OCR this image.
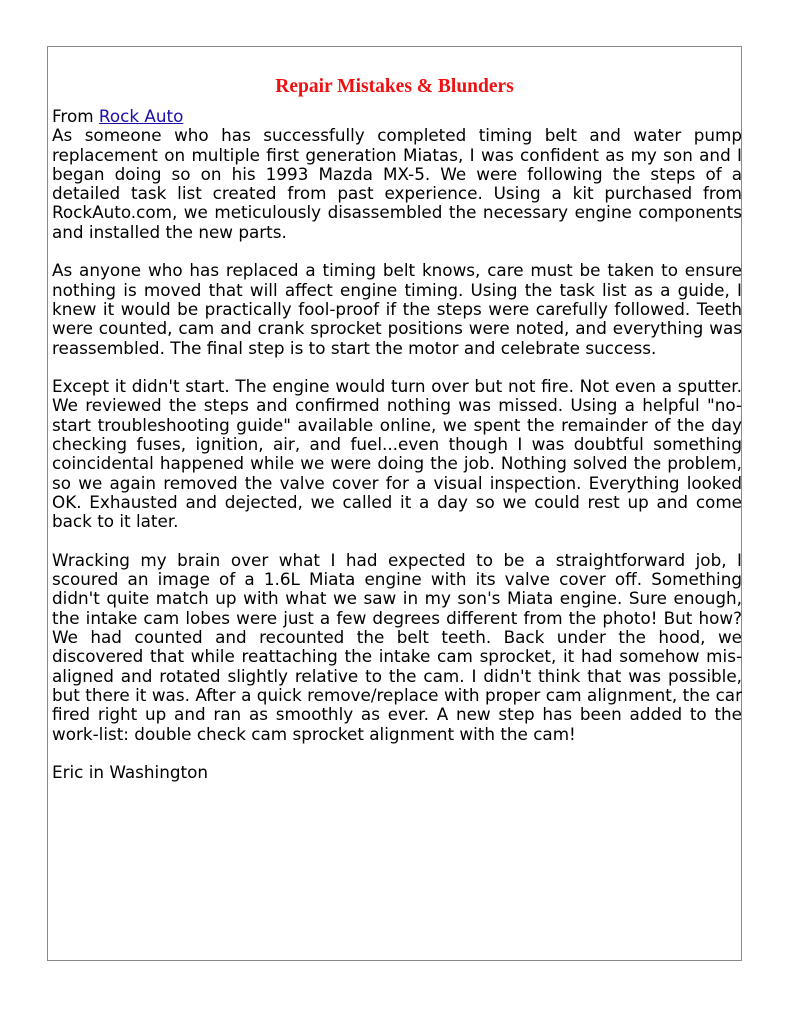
Repair Mistakes & Blunders

From Rock Auto

As someone who has successfully completed timing belt and water pump replacement on multiple first generation Miatas, I was confident as my son and I began doing so on his 1993 Mazda MX-5. We were following the steps of a detailed task list created from past experience. Using a kit purchased from RockAuto.com, we meticulously disassembled the necessary engine components and installed the new parts.

As anyone who has replaced a timing belt knows, care must be taken to ensure nothing is moved that will affect engine timing. Using the task list as a guide, I knew it would be practically fool-proof if the steps were carefully followed. Teeth were counted, cam and crank sprocket positions were noted, and everything was reassembled. The final step is to start the motor and celebrate success.

Except it didn't start. The engine would turn over but not fire. Not even a sputter. We reviewed the steps and confirmed nothing was missed. Using a helpful "no-start troubleshooting guide" available online, we spent the remainder of the day checking fuses, ignition, air, and fuel...even though I was doubtful something coincidental happened while we were doing the job. Nothing solved the problem, so we again removed the valve cover for a visual inspection. Everything looked OK. Exhausted and dejected, we called it a day so we could rest up and come back to it later.

Wracking my brain over what I had expected to be a straightforward job, I scoured an image of a 1.6L Miata engine with its valve cover off. Something didn't quite match up with what we saw in my son's Miata engine. Sure enough, the intake cam lobes were just a few degrees different from the photo! But how? We had counted and recounted the belt teeth. Back under the hood, we discovered that while reattaching the intake cam sprocket, it had somehow mis-aligned and rotated slightly relative to the cam. I didn't think that was possible, but there it was. After a quick remove/replace with proper cam alignment, the car fired right up and ran as smoothly as ever. A new step has been added to the work-list: double check cam sprocket alignment with the cam!

Eric in Washington
